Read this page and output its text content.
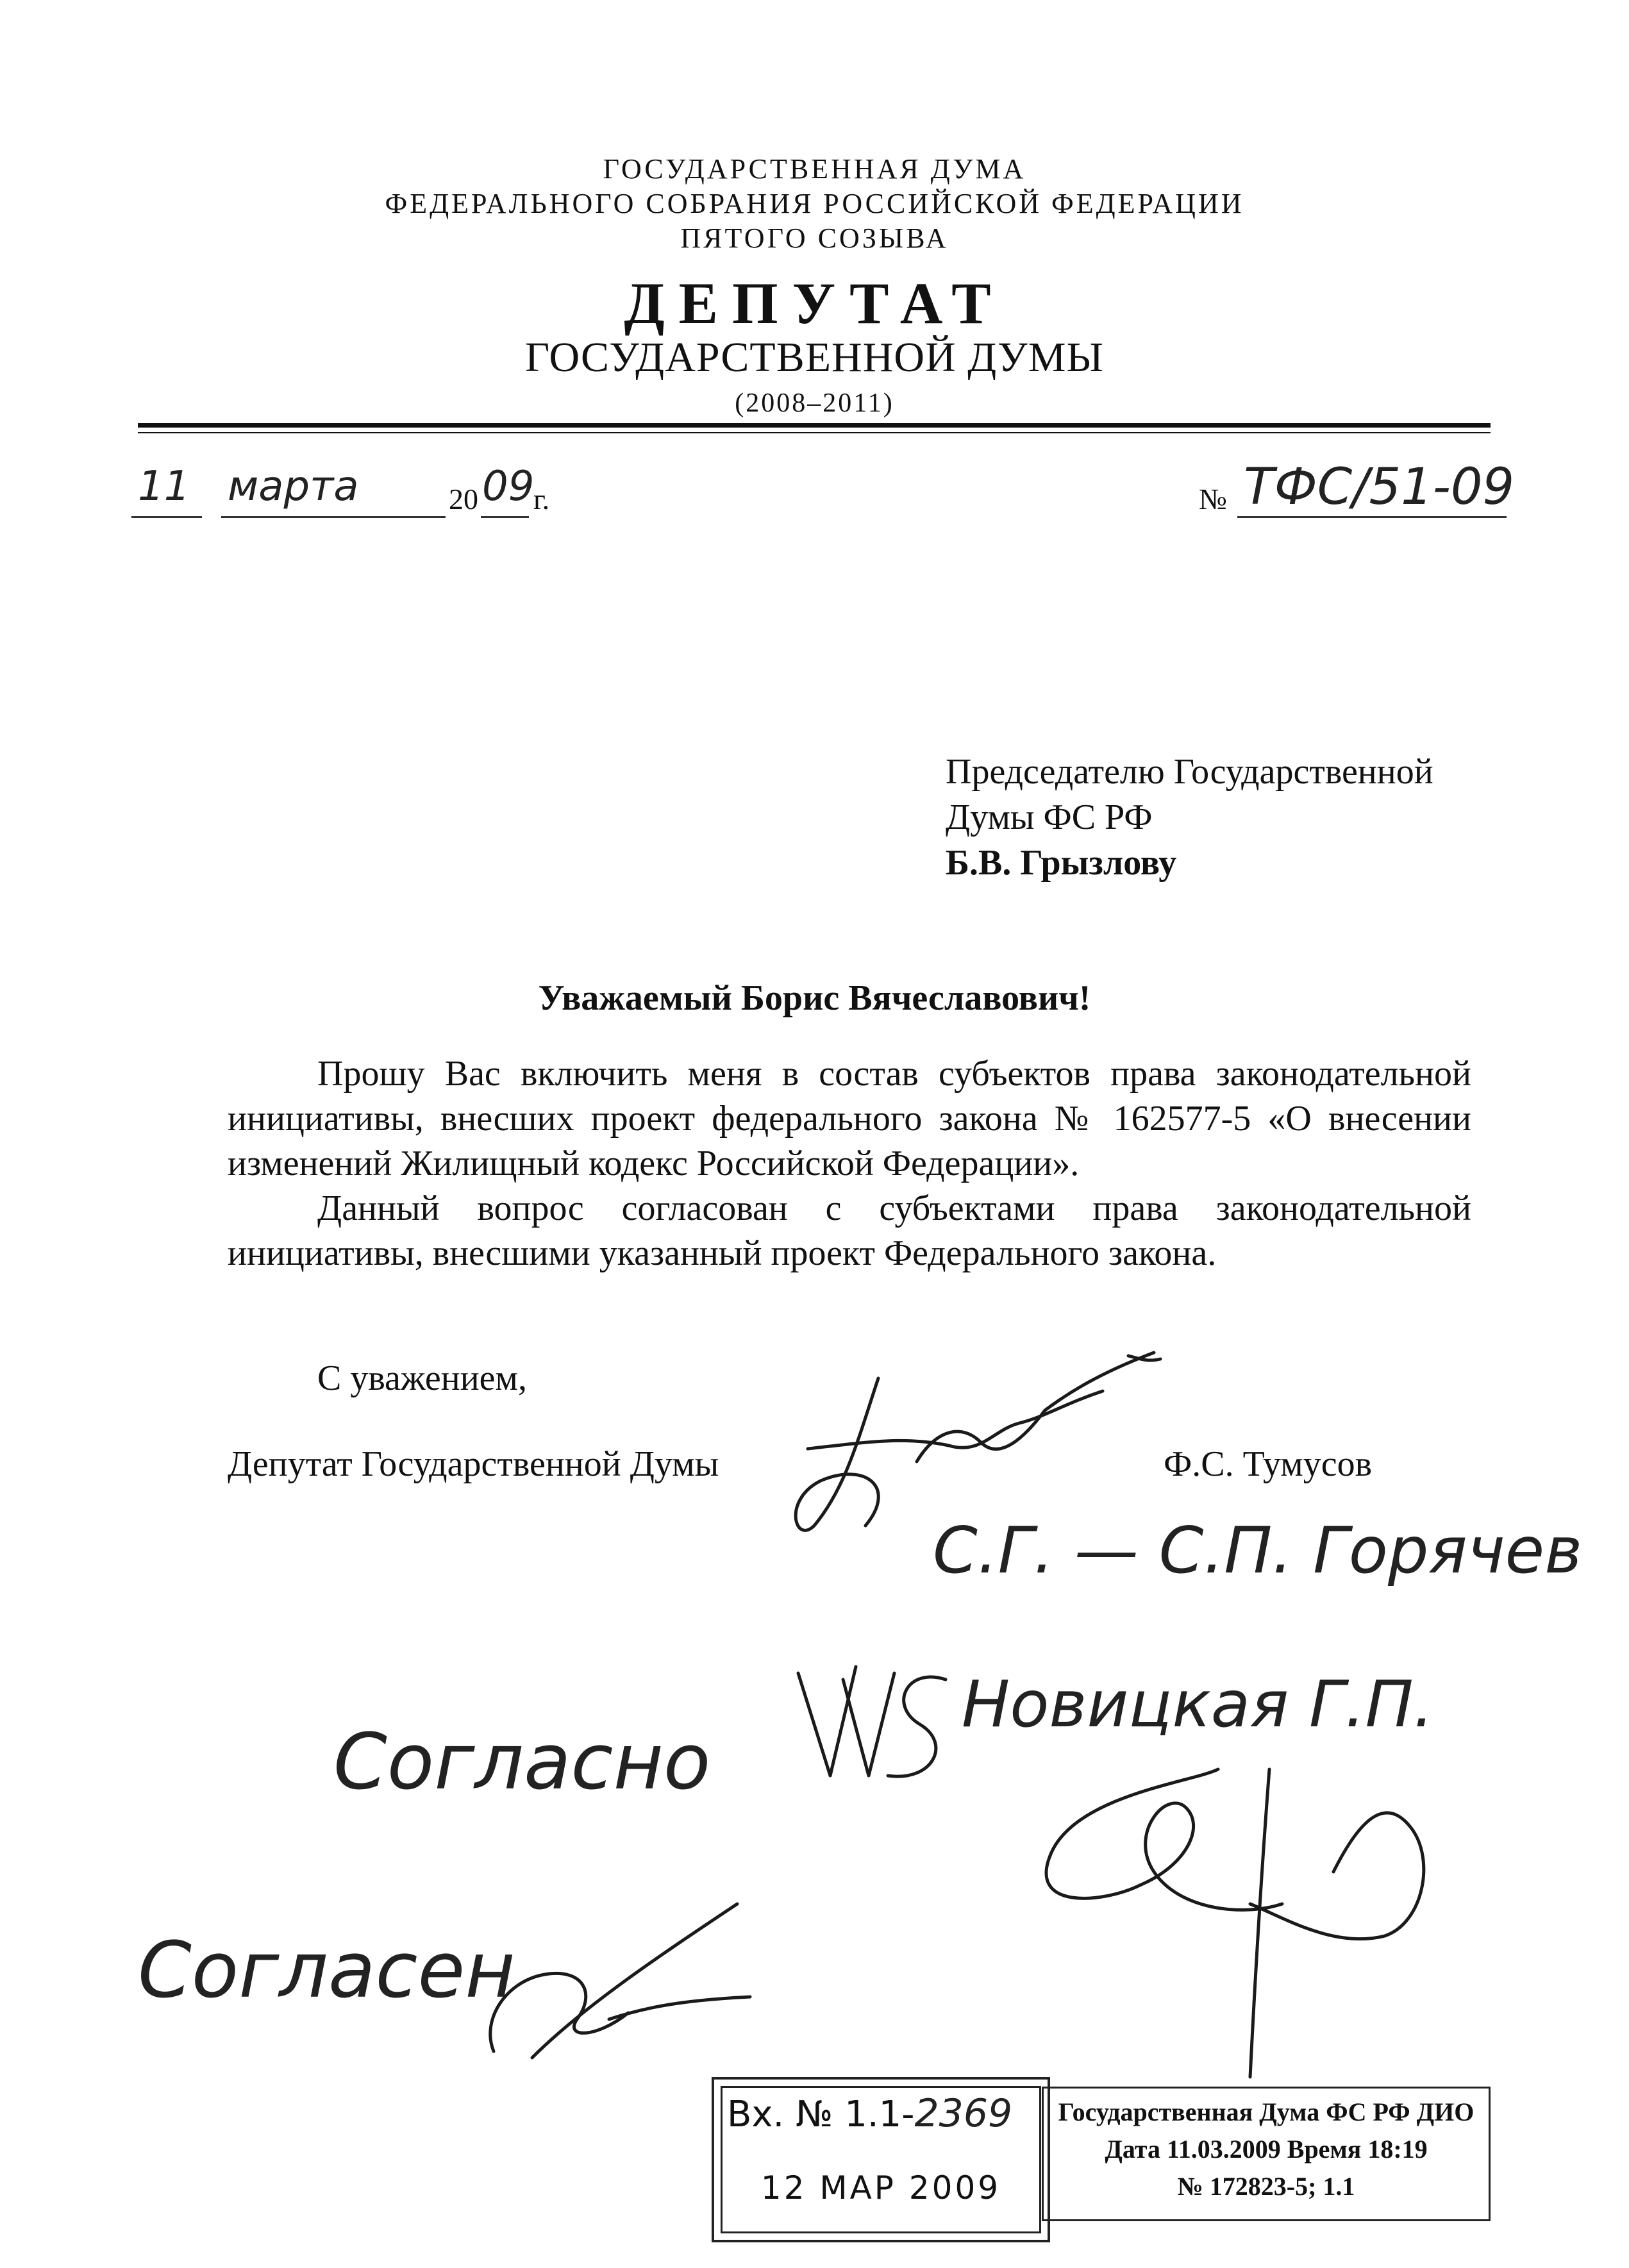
ГОСУДАРСТВЕННАЯ ДУМА
ФЕДЕРАЛЬНОГО СОБРАНИЯ РОССИЙСКОЙ ФЕДЕРАЦИИ
ПЯТОГО СОЗЫВА
ДЕПУТАТ
ГОСУДАРСТВЕННОЙ ДУМЫ
(2008–2011)
11 марта	20 09
г.	№ ТФС/51-09
Председателю Государственной
Думы ФС РФ
Б.В. Грызлову
Уважаемый Борис Вячеславович!

Прошу Вас включить меня в состав субъектов права законодательной инициативы, внесших проект федерального закона № 162577-5 «О внесении изменений Жилищный кодекс Российской Федерации».

Данный вопрос согласован с субъектами права законодательной инициативы, внесшими указанный проект Федерального закона.

С уважением,
Депутат Государственной Думы	Ф.С. Тумусов
С.Г. — С.П. Горячев
Новицкая Г.П.
Согласно
Согласен
Вх. № 1.1-2369
12 МАР 2009
Государственная Дума ФС РФ ДИО
Дата 11.03.2009 Время 18:19
№ 172823-5; 1.1
